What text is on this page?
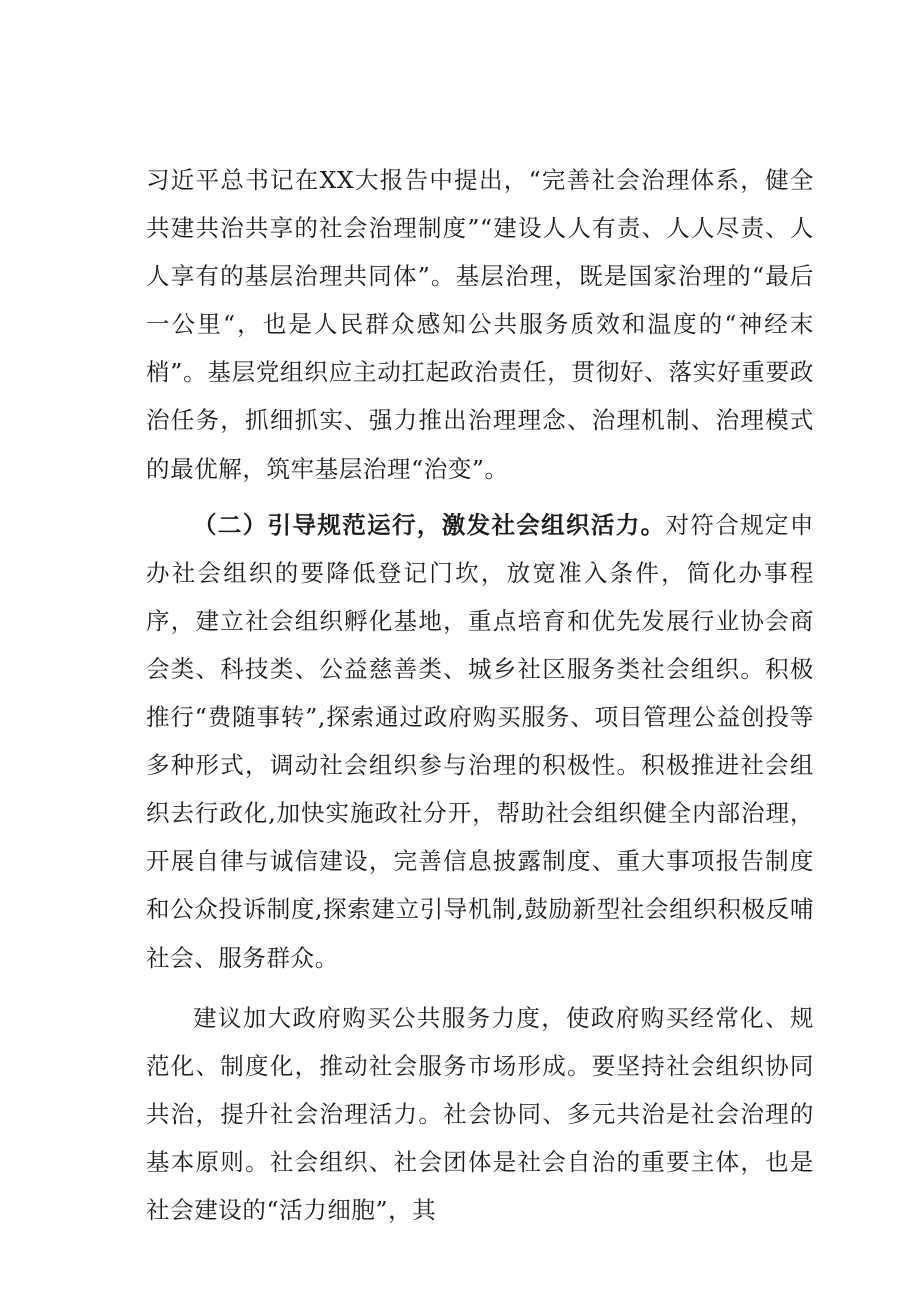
习近平总书记在XX大报告中提出，“完善社会治理体系，健全共建共治共享的社会治理制度”“建设人人有责、人人尽责、人人享有的基层治理共同体”。基层治理，既是国家治理的“最后一公里“，也是人民群众感知公共服务质效和温度的“神经末梢”。基层党组织应主动扛起政治责任，贯彻好、落实好重要政治任务，抓细抓实、强力推出治理理念、治理机制、治理模式的最优解，筑牢基层治理“治变”。

（二）引导规范运行，激发社会组织活力。对符合规定申办社会组织的要降低登记门坎，放宽准入条件，简化办事程序，建立社会组织孵化基地，重点培育和优先发展行业协会商会类、科技类、公益慈善类、城乡社区服务类社会组织。积极推行“费随事转”,探索通过政府购买服务、项目管理公益创投等多种形式，调动社会组织参与治理的积极性。积极推进社会组织去行政化,加快实施政社分开，帮助社会组织健全内部治理，开展自律与诚信建设，完善信息披露制度、重大事项报告制度和公众投诉制度,探索建立引导机制,鼓励新型社会组织积极反哺社会、服务群众。

建议加大政府购买公共服务力度，使政府购买经常化、规范化、制度化，推动社会服务市场形成。要坚持社会组织协同共治，提升社会治理活力。社会协同、多元共治是社会治理的基本原则。社会组织、社会团体是社会自治的重要主体，也是社会建设的“活力细胞”，其
